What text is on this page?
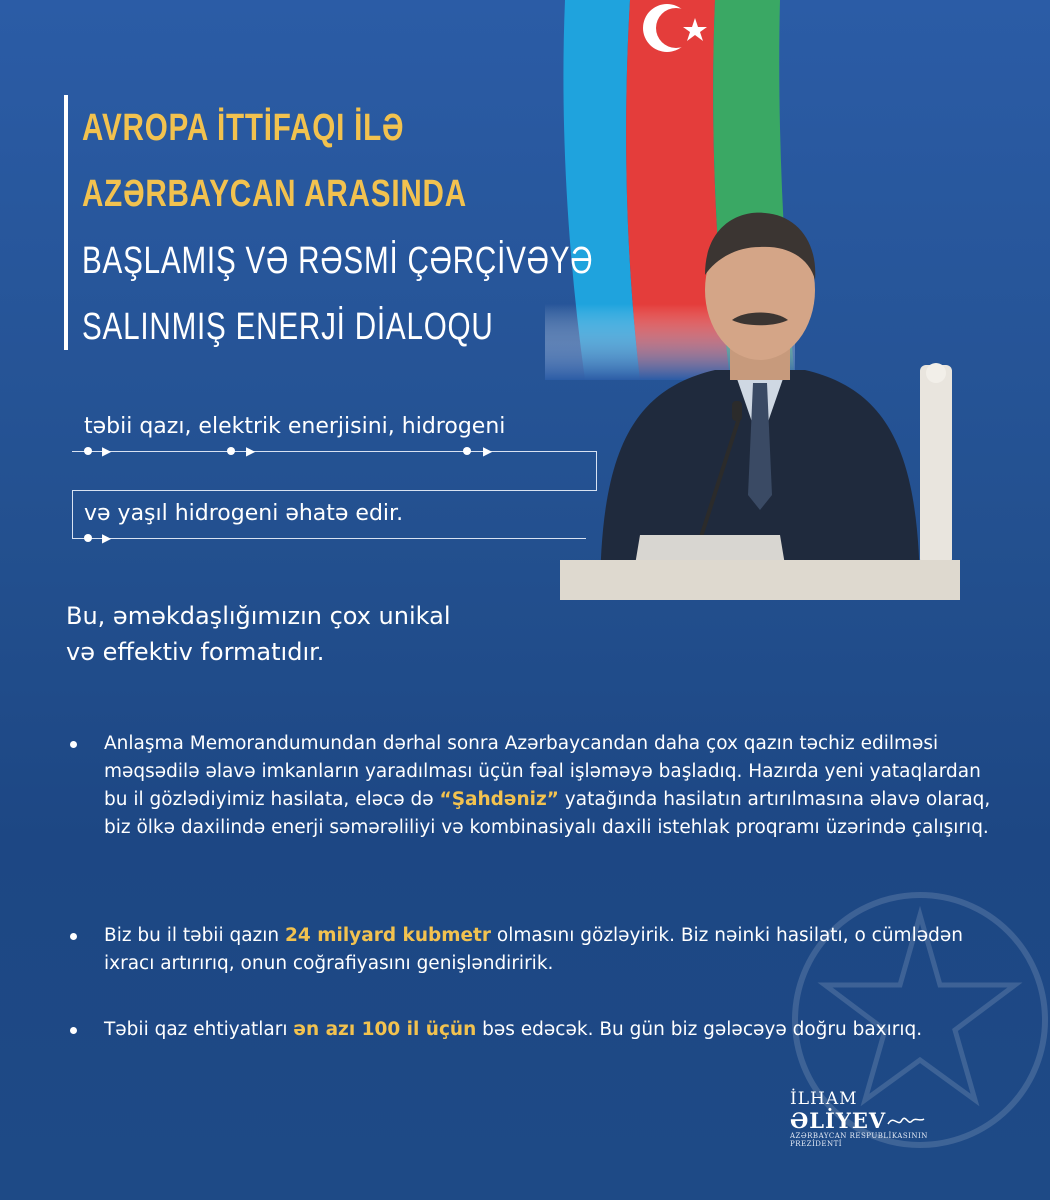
AVROPA İTTİFAQI İLƏ
AZƏRBAYCAN ARASINDA
BAŞLAMIŞ VƏ RƏSMİ ÇƏRÇİVƏYƏ
SALINMIŞ ENERJİ DİALOQU
təbii qazı, elektrik enerjisini, hidrogeni
▶	▶	▶
və yaşıl hidrogeni əhatə edir.
▶
Bu, əməkdaşlığımızın çox unikal
və effektiv formatıdır.
Anlaşma Memorandumundan dərhal sonra Azərbaycandan daha çox qazın təchiz edilməsi məqsədilə əlavə imkanların yaradılması üçün fəal işləməyə başladıq. Hazırda yeni yataqlardan bu il gözlədiyimiz hasilata, eləcə də “Şahdəniz” yatağında hasilatın artırılmasına əlavə olaraq, biz ölkə daxilində enerji səmərəliliyi və kombinasiyalı daxili istehlak proqramı üzərində çalışırıq.
Biz bu il təbii qazın 24 milyard kubmetr olmasını gözləyirik. Biz nəinki hasilatı, o cümlədən ixracı artırırıq, onun coğrafiyasını genişləndiririk.
Təbii qaz ehtiyatları ən azı 100 il üçün bəs edəcək. Bu gün biz gələcəyə doğru baxırıq.
İLHAM
ƏLİYEV
AZƏRBAYCAN RESPUBLİKASININ PREZİDENTİ
